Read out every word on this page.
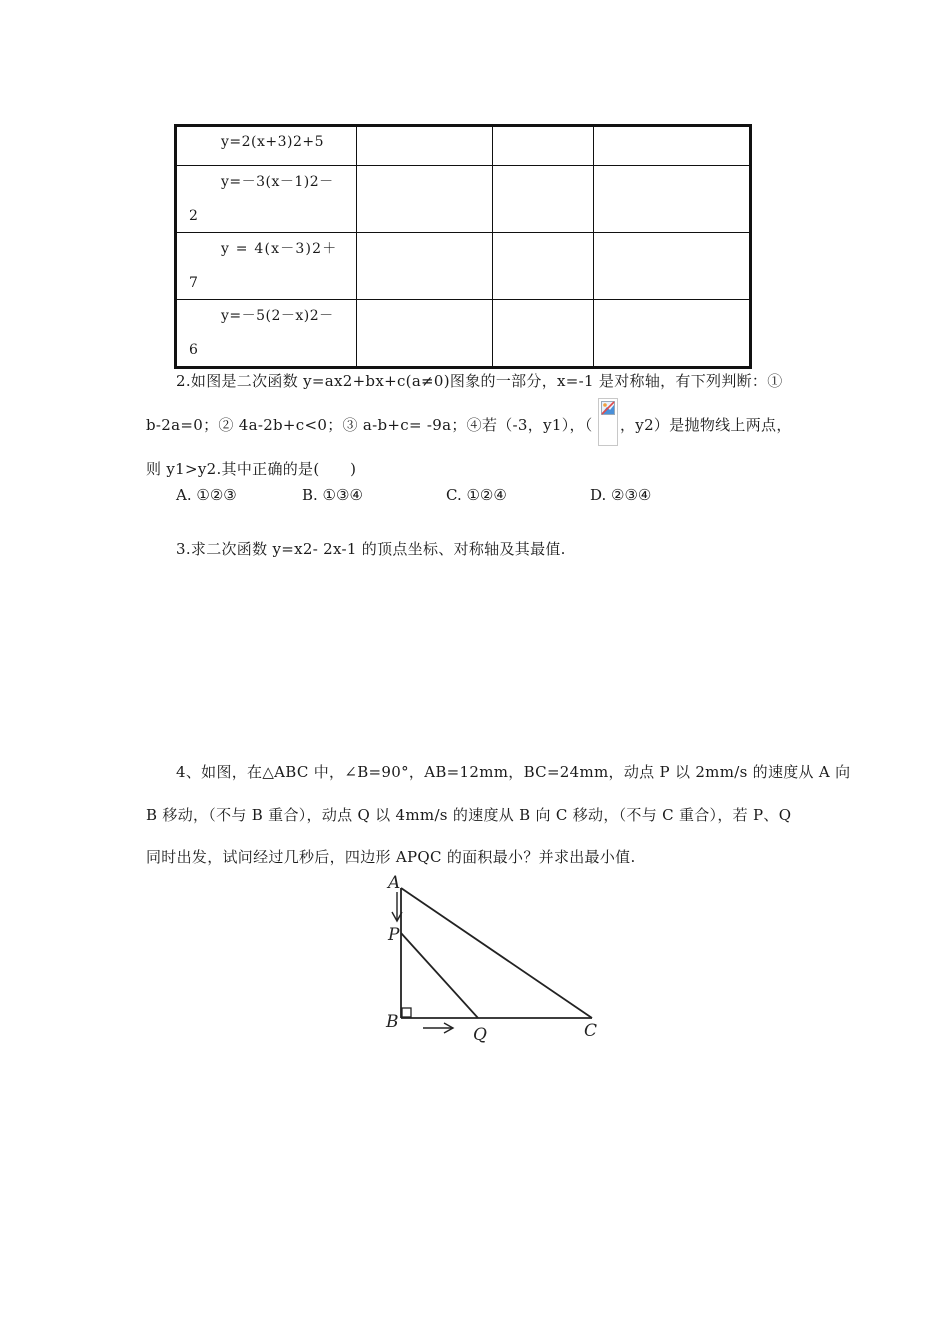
y=2(x+3)2+5			

y=－3(x－1)2－
2			

y = 4(x－3)2＋
7			

y=－5(2－x)2－
6			

2.如图是二次函数 y=ax2+bx+c(a≠0)图象的一部分，x=-1 是对称轴，有下列判断：①
b-2a=0；② 4a-2b+c<0；③ a-b+c= -9a；④若（-3，y1），（ ，y2）是抛物线上两点，
则 y1>y2.其中正确的是(　　)
A. ①②③	B. ①③④	C. ①②④	D. ②③④
3.求二次函数 y=x2- 2x-1 的顶点坐标、对称轴及其最值.
4、如图，在△ABC 中，∠B=90°，AB=12mm，BC=24mm，动点 P 以 2mm/s 的速度从 A 向
B 移动，（不与 B 重合），动点 Q 以 4mm/s 的速度从 B 向 C 移动，（不与 C 重合），若 P、Q
同时出发，试问经过几秒后，四边形 APQC 的面积最小？并求出最小值.
A
P
B
Q	C
